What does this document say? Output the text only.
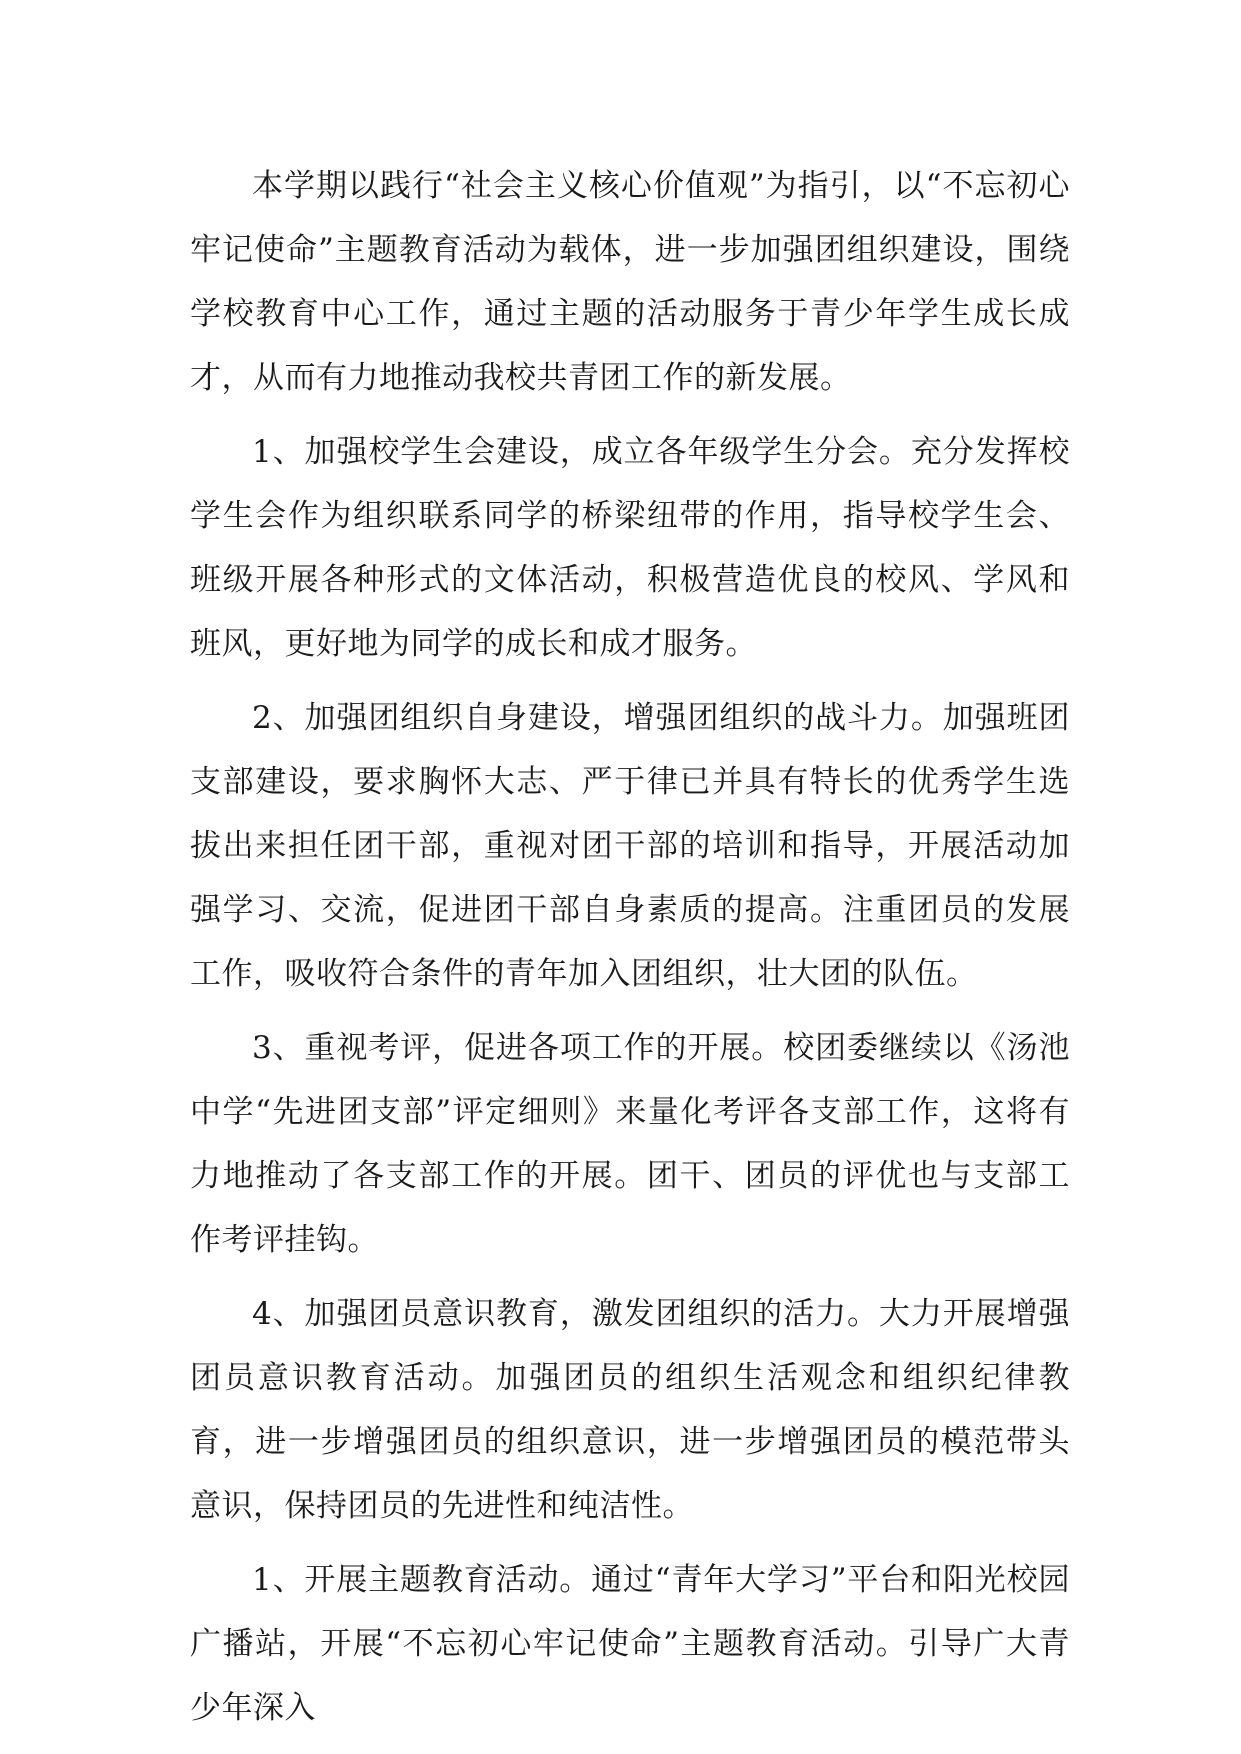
本学期以践行“社会主义核心价值观”为指引，以“不忘初心牢记使命”主题教育活动为载体，进一步加强团组织建设，围绕学校教育中心工作，通过主题的活动服务于青少年学生成长成才，从而有力地推动我校共青团工作的新发展。

1、加强校学生会建设，成立各年级学生分会。充分发挥校学生会作为组织联系同学的桥梁纽带的作用，指导校学生会、班级开展各种形式的文体活动，积极营造优良的校风、学风和班风，更好地为同学的成长和成才服务。

2、加强团组织自身建设，增强团组织的战斗力。加强班团支部建设，要求胸怀大志、严于律已并具有特长的优秀学生选拔出来担任团干部，重视对团干部的培训和指导，开展活动加强学习、交流，促进团干部自身素质的提高。注重团员的发展工作，吸收符合条件的青年加入团组织，壮大团的队伍。

3、重视考评，促进各项工作的开展。校团委继续以《汤池中学“先进团支部”评定细则》来量化考评各支部工作，这将有力地推动了各支部工作的开展。团干、团员的评优也与支部工作考评挂钩。

4、加强团员意识教育，激发团组织的活力。大力开展增强团员意识教育活动。加强团员的组织生活观念和组织纪律教育，进一步增强团员的组织意识，进一步增强团员的模范带头意识，保持团员的先进性和纯洁性。

1、开展主题教育活动。通过“青年大学习”平台和阳光校园广播站，开展“不忘初心牢记使命”主题教育活动。引导广大青少年深入
